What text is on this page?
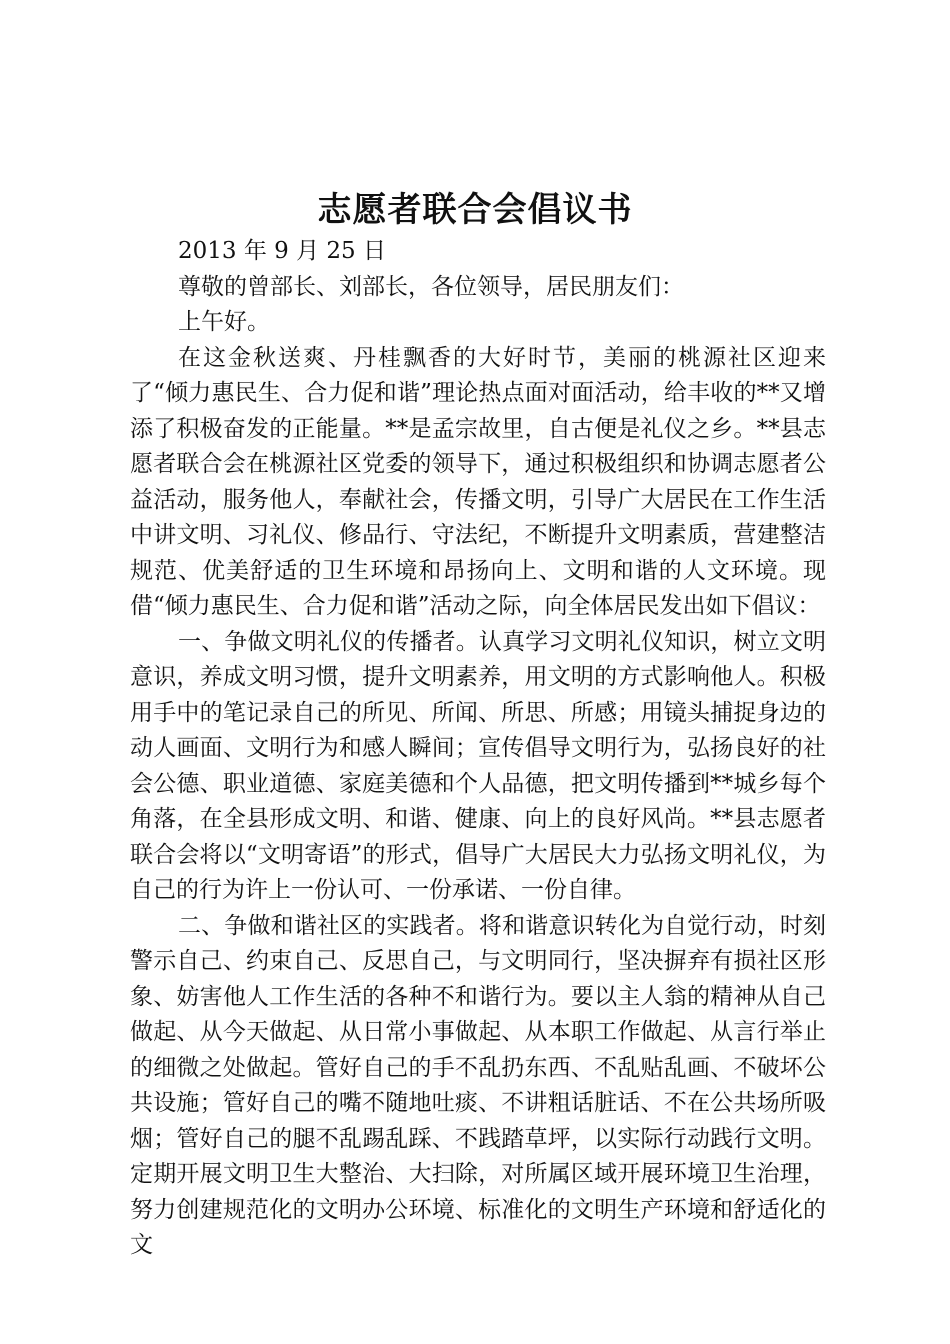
志愿者联合会倡议书

2013 年 9 月 25 日

尊敬的曾部长、刘部长，各位领导，居民朋友们：

上午好。

在这金秋送爽、丹桂飘香的大好时节，美丽的桃源社区迎来了“倾力惠民生、合力促和谐”理论热点面对面活动，给丰收的**又增添了积极奋发的正能量。**是孟宗故里，自古便是礼仪之乡。**县志愿者联合会在桃源社区党委的领导下，通过积极组织和协调志愿者公益活动，服务他人，奉献社会，传播文明，引导广大居民在工作生活中讲文明、习礼仪、修品行、守法纪，不断提升文明素质，营建整洁规范、优美舒适的卫生环境和昂扬向上、文明和谐的人文环境。现借“倾力惠民生、合力促和谐”活动之际，向全体居民发出如下倡议：

一、争做文明礼仪的传播者。认真学习文明礼仪知识，树立文明意识，养成文明习惯，提升文明素养，用文明的方式影响他人。积极用手中的笔记录自己的所见、所闻、所思、所感；用镜头捕捉身边的动人画面、文明行为和感人瞬间；宣传倡导文明行为，弘扬良好的社会公德、职业道德、家庭美德和个人品德，把文明传播到**城乡每个角落，在全县形成文明、和谐、健康、向上的良好风尚。**县志愿者联合会将以“文明寄语”的形式，倡导广大居民大力弘扬文明礼仪，为自己的行为许上一份认可、一份承诺、一份自律。

二、争做和谐社区的实践者。将和谐意识转化为自觉行动，时刻警示自己、约束自己、反思自己，与文明同行，坚决摒弃有损社区形象、妨害他人工作生活的各种不和谐行为。要以主人翁的精神从自己做起、从今天做起、从日常小事做起、从本职工作做起、从言行举止的细微之处做起。管好自己的手不乱扔东西、不乱贴乱画、不破坏公共设施；管好自己的嘴不随地吐痰、不讲粗话脏话、不在公共场所吸烟；管好自己的腿不乱踢乱踩、不践踏草坪，以实际行动践行文明。定期开展文明卫生大整治、大扫除，对所属区域开展环境卫生治理，努力创建规范化的文明办公环境、标准化的文明生产环境和舒适化的文
